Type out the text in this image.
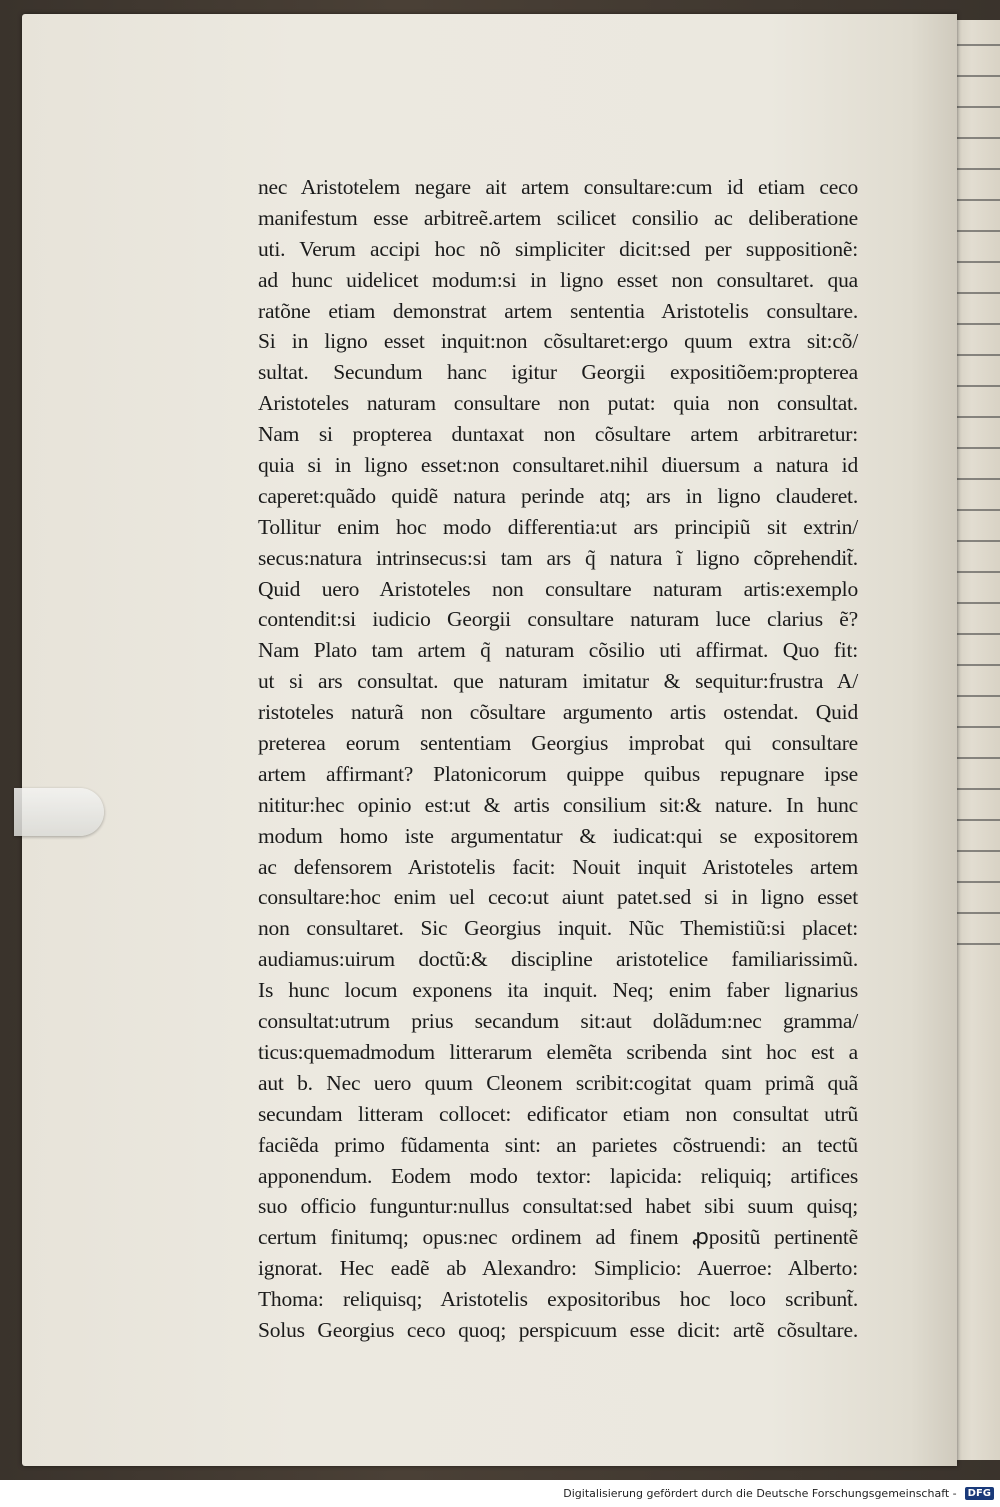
nec Aristotelem negare ait artem consultare:cum id etiam ceco
manifestum esse arbitreẽ.artem scilicet consilio ac deliberatione
uti. Verum accipi hoc nõ simpliciter dicit:sed per suppositionẽ:
ad hunc uidelicet modum:si in ligno esset non consultaret. qua
ratõne etiam demonstrat artem sententia Aristotelis consultare.
Si in ligno esset inquit:non cõsultaret:ergo quum extra sit:cõ/
sultat. Secundum hanc igitur Georgii expositiõem:propterea
Aristoteles naturam consultare non putat: quia non consultat.
Nam si propterea duntaxat non cõsultare artem arbitraretur:
quia si in ligno esset:non consultaret.nihil diuersum a natura id
caperet:quãdo quidẽ natura perinde atq; ars in ligno clauderet.
Tollitur enim hoc modo differentia:ut ars principiũ sit extrin/
secus:natura intrinsecus:si tam ars q̃ natura ĩ ligno cõprehendit̃.
Quid uero Aristoteles non consultare naturam artis:exemplo
contendit:si iudicio Georgii consultare naturam luce clarius ẽ?
Nam Plato tam artem q̃ naturam cõsilio uti affirmat. Quo fit:
ut si ars consultat. que naturam imitatur & sequitur:frustra A/
ristoteles naturã non cõsultare argumento artis ostendat. Quid
preterea eorum sententiam Georgius improbat qui consultare
artem affirmant? Platonicorum quippe quibus repugnare ipse
nititur:hec opinio est:ut & artis consilium sit:& nature. In hunc
modum homo iste argumentatur & iudicat:qui se expositorem
ac defensorem Aristotelis facit: Nouit inquit Aristoteles artem
consultare:hoc enim uel ceco:ut aiunt patet.sed si in ligno esset
non consultaret. Sic Georgius inquit. Nũc Themistiũ:si placet:
audiamus:uirum doctũ:& discipline aristotelice familiarissimũ.
Is hunc locum exponens ita inquit. Neq; enim faber lignarius
consultat:utrum prius secandum sit:aut dolãdum:nec gramma/
ticus:quemadmodum litterarum elemẽta scribenda sint hoc est a
aut b. Nec uero quum Cleonem scribit:cogitat quam primã quã
secundam litteram collocet: edificator etiam non consultat utrũ
faciẽda primo fũdamenta sint: an parietes cõstruendi: an tectũ
apponendum. Eodem modo textor: lapicida: reliquiq; artifices
suo officio funguntur:nullus consultat:sed habet sibi suum quisq;
certum finitumq; opus:nec ordinem ad finem ꝓpositũ pertinentẽ
ignorat. Hec eadẽ ab Alexandro: Simplicio: Auerroe: Alberto:
Thoma: reliquisq; Aristotelis expositoribus hoc loco scribunt̃.
Solus Georgius ceco quoq; perspicuum esse dicit: artẽ cõsultare.
Digitalisierung gefördert durch die Deutsche Forschungsgemeinschaft -	DFG
